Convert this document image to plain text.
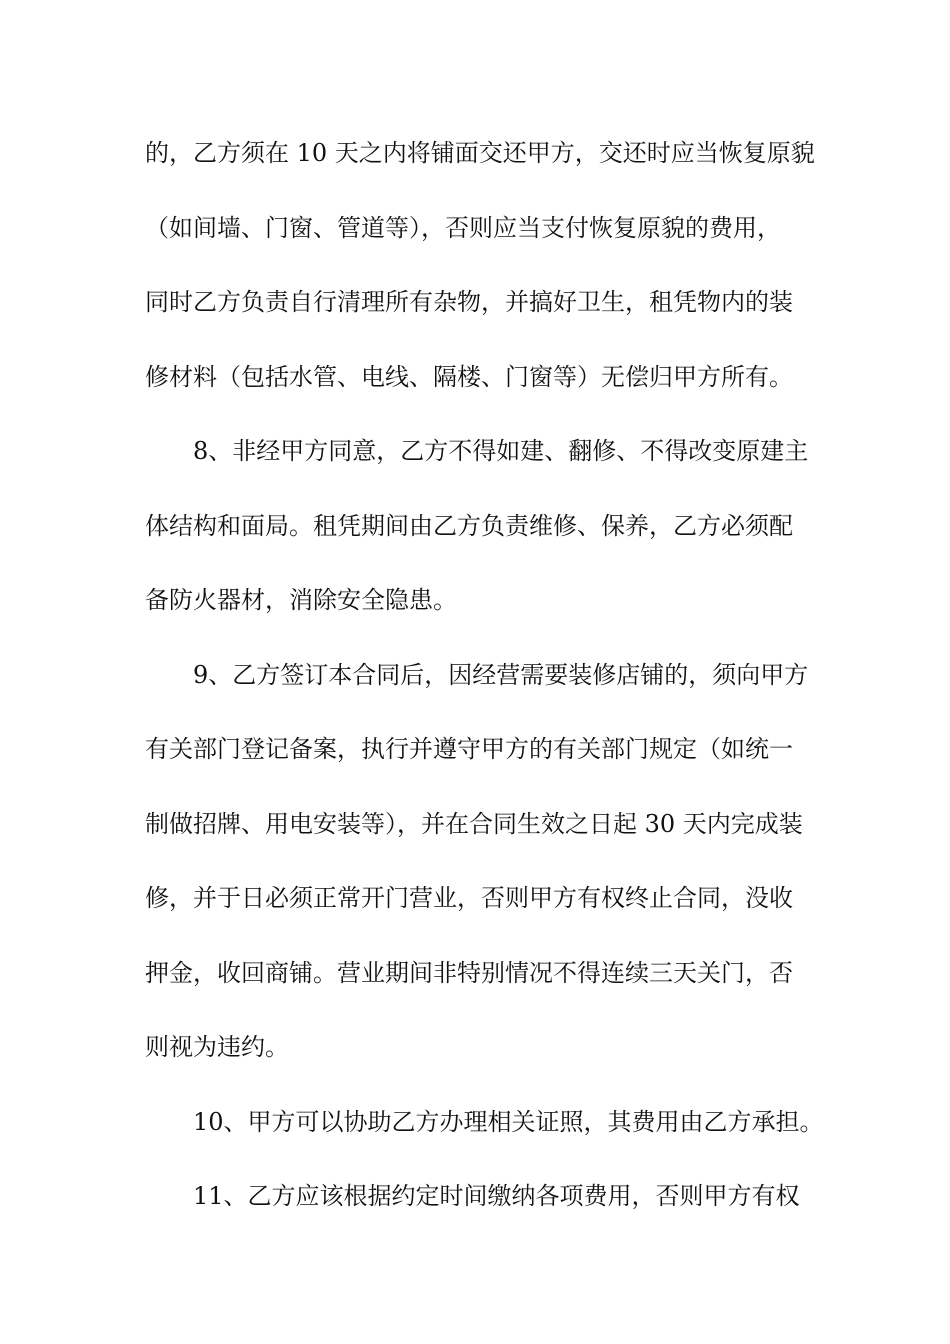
的，乙方须在 10 天之内将铺面交还甲方，交还时应当恢复原貌
（如间墙、门窗、管道等），否则应当支付恢复原貌的费用，
同时乙方负责自行清理所有杂物，并搞好卫生，租凭物内的装
修材料（包括水管、电线、隔楼、门窗等）无偿归甲方所有。
8、非经甲方同意，乙方不得如建、翻修、不得改变原建主
体结构和面局。租凭期间由乙方负责维修、保养，乙方必须配
备防火器材，消除安全隐患。
9、乙方签订本合同后，因经营需要装修店铺的，须向甲方
有关部门登记备案，执行并遵守甲方的有关部门规定（如统一
制做招牌、用电安装等），并在合同生效之日起 30 天内完成装
修，并于日必须正常开门营业，否则甲方有权终止合同，没收
押金，收回商铺。营业期间非特别情况不得连续三天关门，否
则视为违约。
10、甲方可以协助乙方办理相关证照，其费用由乙方承担。
11、乙方应该根据约定时间缴纳各项费用，否则甲方有权
